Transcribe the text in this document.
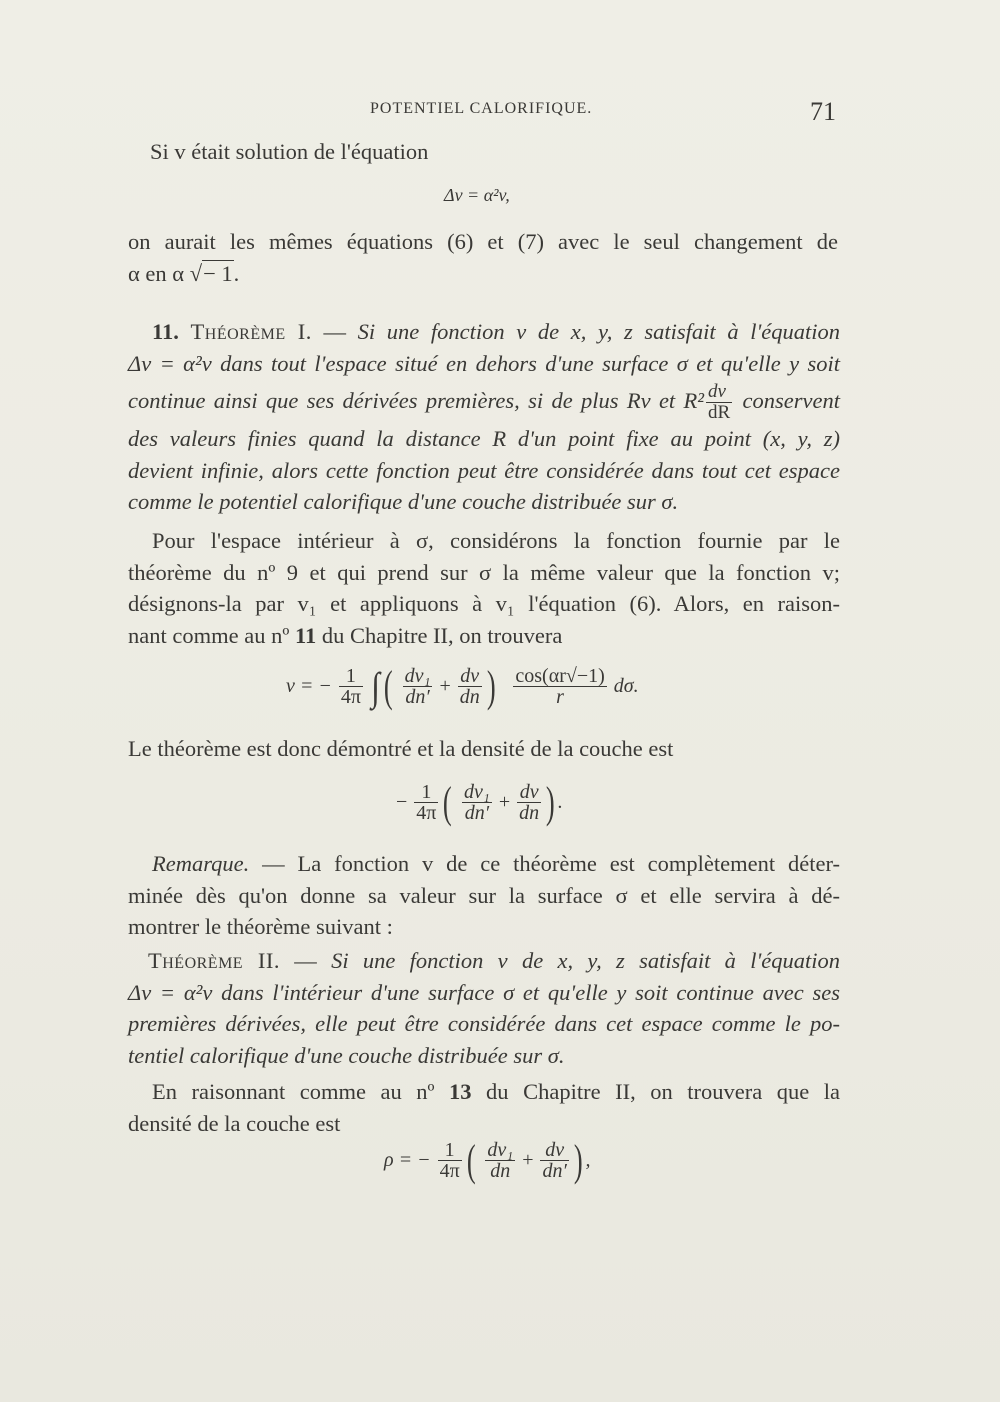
POTENTIEL CALORIFIQUE.	71
Si v était solution de l'équation
Δv = α²v,
on aurait les mêmes équations (6) et (7) avec le seul changement de
α en α √− 1.
11. Théorème I. — Si une fonction v de x, y, z satisfait à l'équation
Δv = α²v dans tout l'espace situé en dehors d'une surface σ et qu'elle y soit
continue ainsi que ses dérivées premières, si de plus Rv et $R^2 \frac{dv}{dR}$ conservent
des valeurs finies quand la distance R d'un point fixe au point (x, y, z)
devient infinie, alors cette fonction peut être considérée dans tout cet espace
comme le potentiel calorifique d'une couche distribuée sur σ.
Pour l'espace intérieur à σ, considérons la fonction fournie par le
théorème du nº 9 et qui prend sur σ la même valeur que la fonction v;
désignons-la par v₁ et appliquons à v₁ l'équation (6). Alors, en raison-
nant comme au nº 11 du Chapitre II, on trouvera
v = − $\frac{1}{4\pi}$ ∫( $\frac{\text{dv₁}}{dn'} + \frac{dv}{dn}$ ) $\frac{\cos(\alpha r√-1)}{r} d\sigma$.
Le théorème est donc démontré et la densité de la couche est
− $\frac{1}{4\pi}$ ( $\frac{\text{dv₁}}{dn'} + \frac{dv}{dn}$ ) .
Remarque. — La fonction v de ce théorème est complètement déter-
minée dès qu'on donne sa valeur sur la surface σ et elle servira à dé-
montrer le théorème suivant :
Théorème II. — Si une fonction v de x, y, z satisfait à l'équation
Δv = α²v dans l'intérieur d'une surface σ et qu'elle y soit continue avec ses
premières dérivées, elle peut être considérée dans cet espace comme le po-
tentiel calorifique d'une couche distribuée sur σ.
En raisonnant comme au nº 13 du Chapitre II, on trouvera que la
densité de la couche est
ρ = − $\frac{1}{4\pi}$ ( $\frac{\text{dv₁}}{dn} + \frac{dv}{dn'}$ ) ,
